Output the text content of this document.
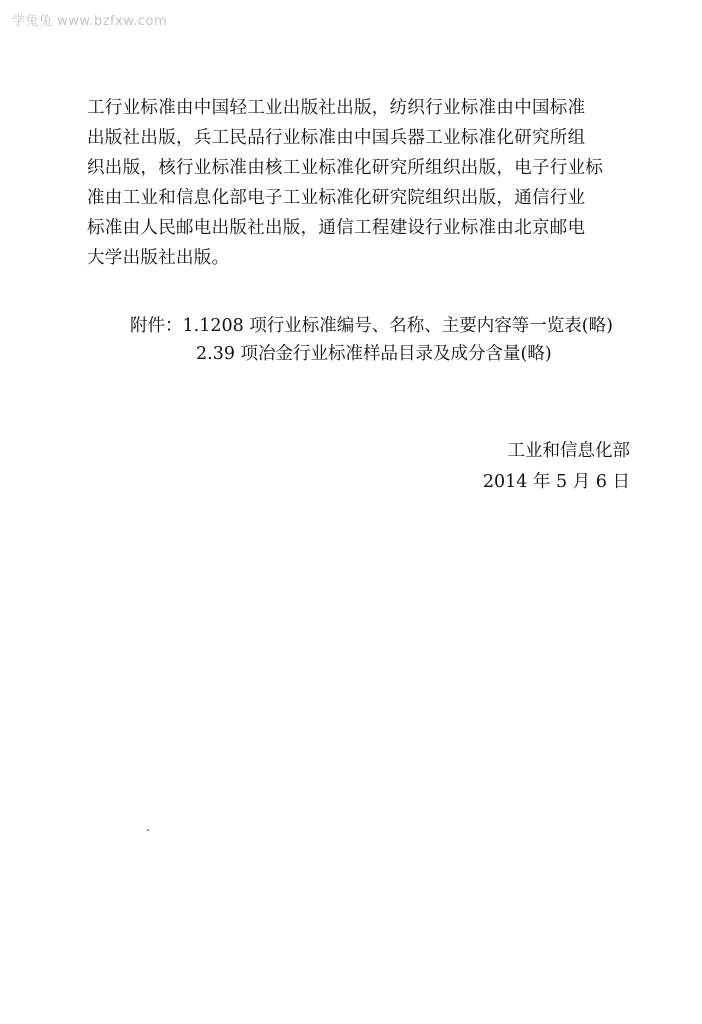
学兔兔 www.bzfxw.com
工行业标准由中国轻工业出版社出版，纺织行业标准由中国标准
出版社出版，兵工民品行业标准由中国兵器工业标准化研究所组
织出版，核行业标准由核工业标准化研究所组织出版，电子行业标
准由工业和信息化部电子工业标准化研究院组织出版，通信行业
标准由人民邮电出版社出版，通信工程建设行业标准由北京邮电
大学出版社出版。
附件：1.1208 项行业标准编号、名称、主要内容等一览表(略)
2.39 项冶金行业标准样品目录及成分含量(略)
工业和信息化部
2014 年 5 月 6 日
